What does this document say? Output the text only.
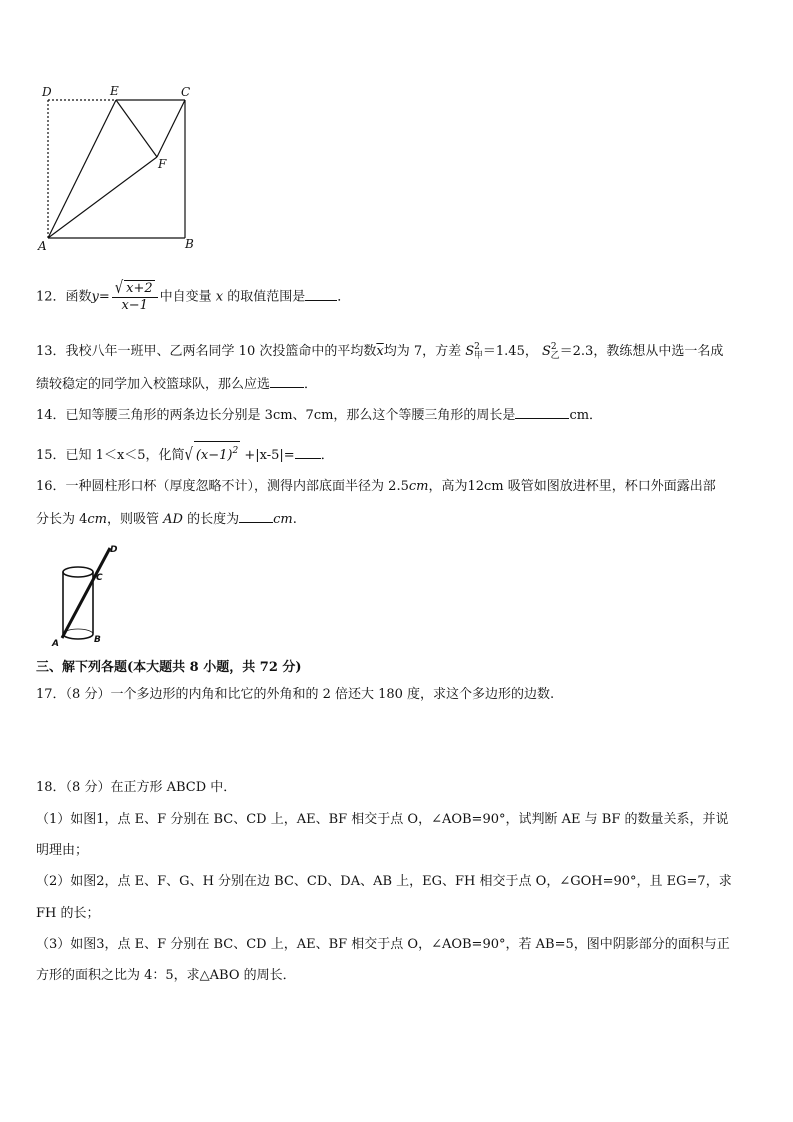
D	E	C
F
A	B
12．函数$y= \frac{√ x+2}{x-1}$ 中自变量 x 的取值范围是 ．
13．我校八年一班甲、乙两名同学 10 次投篮命中的平均数$\overline{x}$均为 7，方差 $S^2_甲=1.45$， $S^2_乙=2.3$，教练想从中选一名成
绩较稳定的同学加入校篮球队，那么应选	．
14．已知等腰三角形的两条边长分别是 3cm、7cm，那么这个等腰三角形的周长是	cm．
15．已知 1＜x＜5，化简√ $(x-1)^2 +|x-5|=$ ．
16．一种圆柱形口杯（厚度忽略不计），测得内部底面半径为 2.5cm，高为12cm 吸管如图放进杯里，杯口外面露出部
分长为 4cm，则吸管 AD 的长度为	cm.
D
C
A	B
三、解下列各题(本大题共 8 小题，共 72 分)
17．（8 分）一个多边形的内角和比它的外角和的 2 倍还大 180 度，求这个多边形的边数.
18．（8 分）在正方形 ABCD 中．
（1）如图1，点 E、F 分别在 BC、CD 上，AE、BF 相交于点 O，∠AOB=90°，试判断 AE 与 BF 的数量关系，并说
明理由；
（2）如图2，点 E、F、G、H 分别在边 BC、CD、DA、AB 上，EG、FH 相交于点 O，∠GOH=90°，且 EG=7，求
FH 的长；
（3）如图3，点 E、F 分别在 BC、CD 上，AE、BF 相交于点 O，∠AOB=90°，若 AB=5，图中阴影部分的面积与正
方形的面积之比为 4：5，求△ABO 的周长．
